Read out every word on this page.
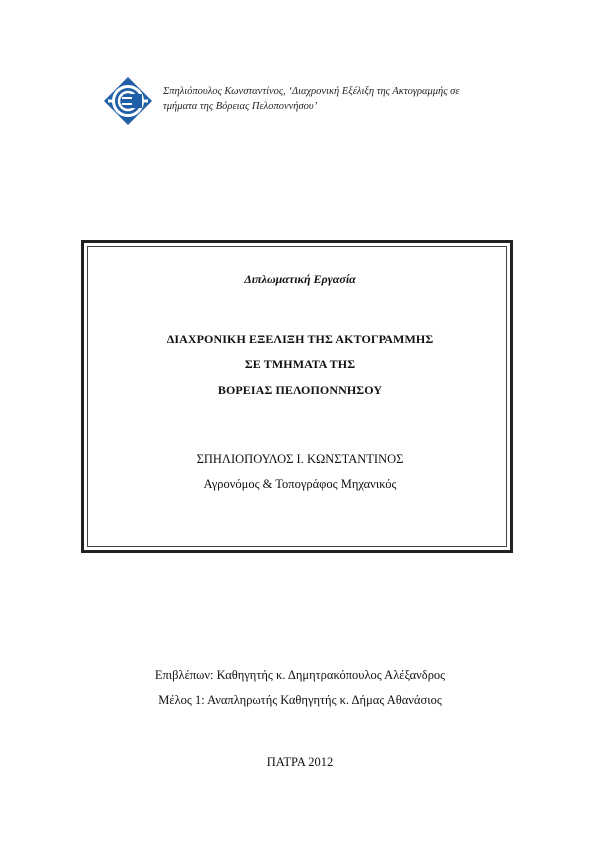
Σπηλιόπουλος Κωνσταντίνος, ‘Διαχρονική Εξέλιξη της Ακτογραμμής σε
τμήματα της Βόρειας Πελοποννήσου’
Διπλωματική Εργασία
ΔΙΑΧΡΟΝΙΚΗ ΕΞΕΛΙΞΗ ΤΗΣ ΑΚΤΟΓΡΑΜΜΗΣ
ΣΕ ΤΜΗΜΑΤΑ ΤΗΣ
ΒΟΡΕΙΑΣ ΠΕΛΟΠΟΝΝΗΣΟΥ
ΣΠΗΛΙΟΠΟΥΛΟΣ Ι. ΚΩΝΣΤΑΝΤΙΝΟΣ
Αγρονόμος & Τοπογράφος Μηχανικός
Επιβλέπων: Καθηγητής κ. Δημητρακόπουλος Αλέξανδρος
Μέλος 1: Αναπληρωτής Καθηγητής κ. Δήμας Αθανάσιος
ΠΑΤΡΑ 2012
